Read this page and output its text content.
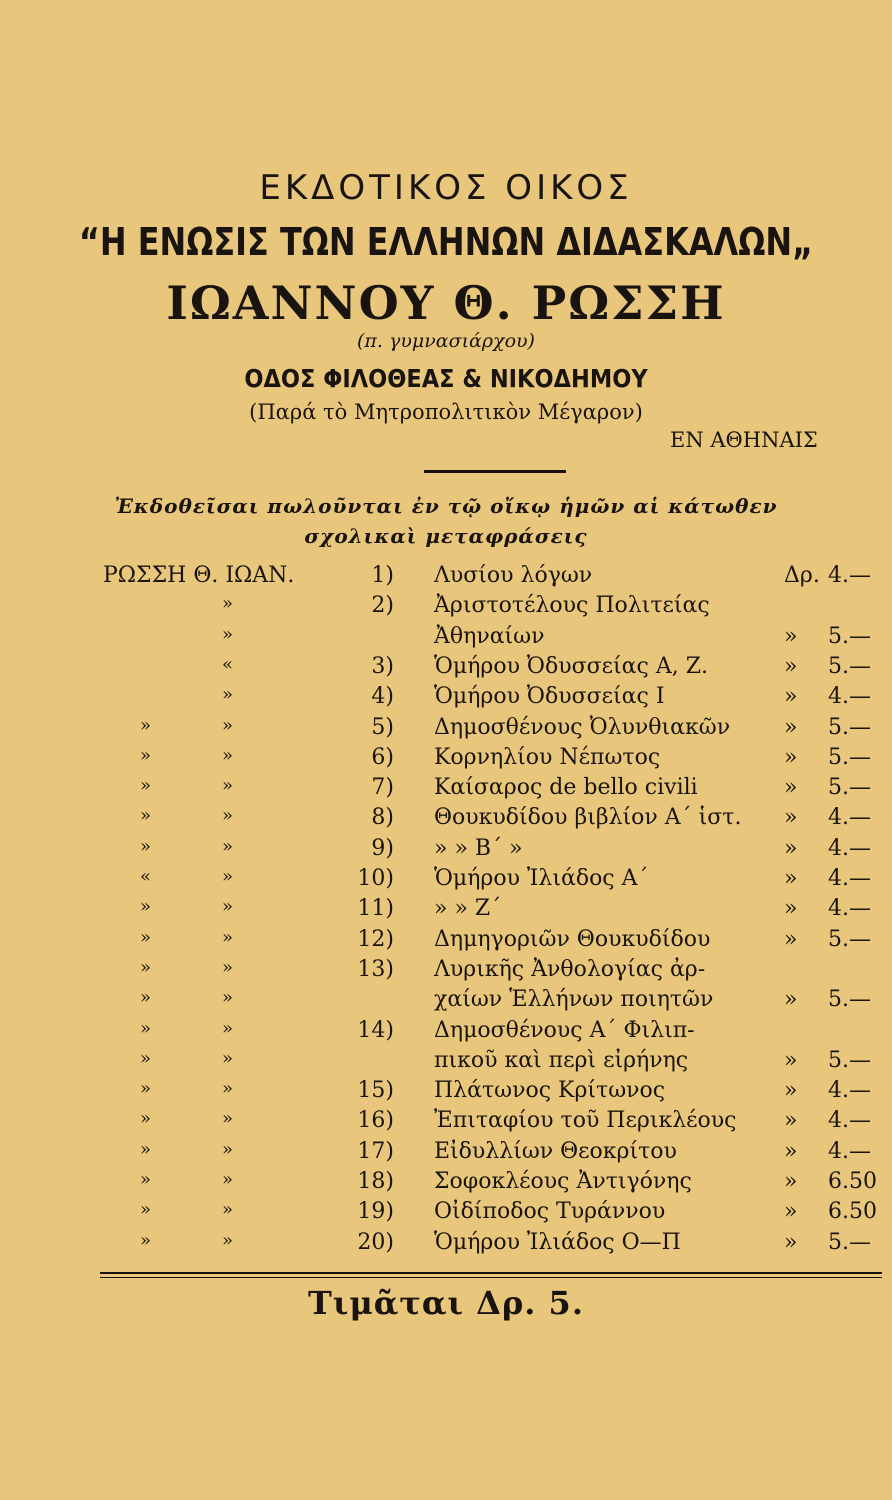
ΕΚΔΟΤΙΚΟΣ ΟΙΚΟΣ
“Η ΕΝΩΣΙΣ ΤΩΝ ΕΛΛΗΝΩΝ ΔΙΔΑΣΚΑΛΩΝ„
ΙΩΑΝΝΟΥ Θ. ΡΩΣΣΗ
(π. γυμνασιάρχου)
ΟΔΟΣ ΦΙΛΟΘΕΑΣ & ΝΙΚΟΔΗΜΟΥ
(Παρά τὸ Μητροπολιτικὸν Μέγαρον)
ΕΝ ΑΘΗΝΑΙΣ
Ἐκδοθεῖσαι πωλοῦνται ἐν τῷ οἴκῳ ἡμῶν αἱ κάτωθεν
σχολικαὶ μεταφράσεις
ΡΩΣΣΗ Θ. ΙΩΑΝ.	1) Λυσίου λόγων	Δρ. 4.—
»	2) Ἀριστοτέλους Πολιτείας
»	Ἀθηναίων	» 5.—
«	3) Ὁμήρου Ὀδυσσείας Α, Ζ.	» 5.—
»	4) Ὁμήρου Ὀδυσσείας Ι	» 4.—
»	»	5) Δημοσθένους Ὀλυνθιακῶν » 5.—
»	»	6) Κορνηλίου Νέπωτος	» 5.—
»	»	7) Καίσαρος de bello civili	» 5.—
»	»	8) Θουκυδίδου βιβλίον Α΄ ἱστ. » 4.—
»	»	9) » » Β΄ »	» 4.—
«	»	10) Ὁμήρου Ἰλιάδος Α΄	» 4.—
»	»	11) » » Ζ΄	» 4.—
»	»	12) Δημηγοριῶν Θουκυδίδου	» 5.—
»	»	13) Λυρικῆς Ἀνθολογίας ἀρ-
»	»	χαίων Ἑλλήνων ποιητῶν	» 5.—
»	»	14) Δημοσθένους Α΄ Φιλιπ-
»	»	πικοῦ καὶ περὶ εἰρήνης	» 5.—
»	»	15) Πλάτωνος Κρίτωνος	» 4.—
»	»	16) Ἐπιταφίου τοῦ Περικλέους » 4.—
»	»	17) Εἰδυλλίων Θεοκρίτου	» 4.—
»	»	18) Σοφοκλέους Ἀντιγόνης	» 6.50
»	»	19) Οἰδίποδος Τυράννου	» 6.50
»	»	20) Ὁμήρου Ἰλιάδος Ο—Π	» 5.—
Τιμᾶται Δρ. 5.
